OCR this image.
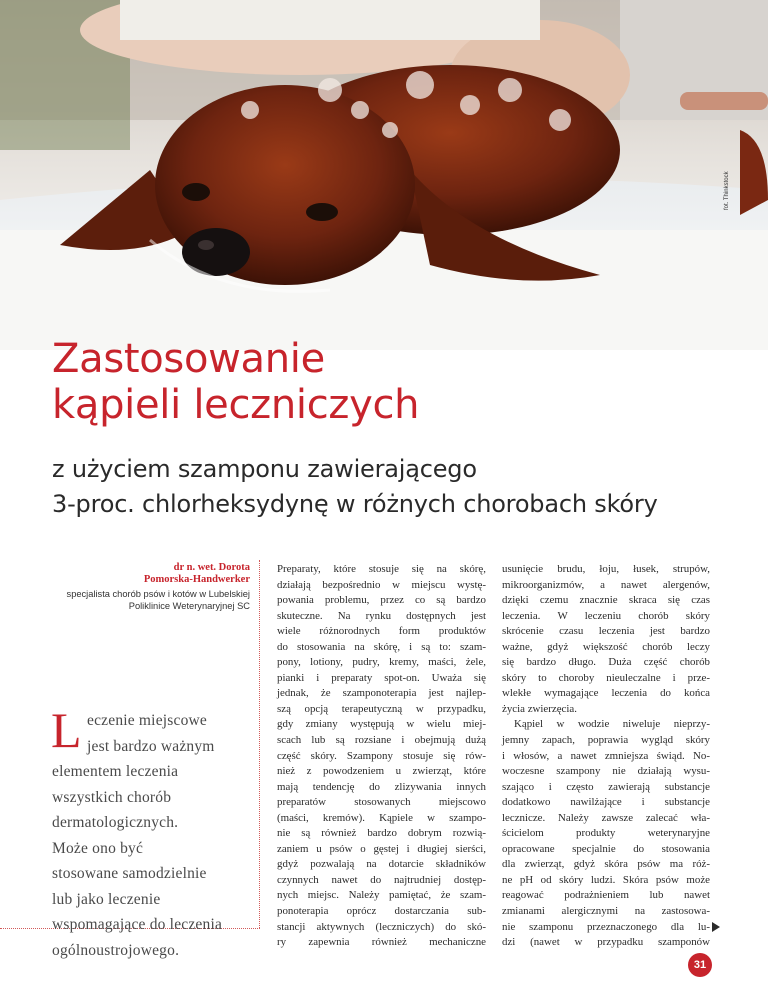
fot. Thinkstock
Zastosowanie
kąpieli leczniczych
z użyciem szamponu zawierającego
3-proc. chlorheksydynę w różnych chorobach skóry
dr n. wet. Dorota
Pomorska-Handwerker
specjalista chorób psów i kotów w Lubelskiej
Poliklinice Weterynaryjnej SC
L eczenie miejscowe
jest bardzo ważnym
elementem leczenia
wszystkich chorób
dermatologicznych.
Może ono być
stosowane samodzielnie
lub jako leczenie
wspomagające do leczenia
ogólnoustrojowego.
Preparaty, które stosuje się na skórę,
działają bezpośrednio w miejscu wystę-
powania problemu, przez co są bardzo
skuteczne. Na rynku dostępnych jest
wiele różnorodnych form produktów
do stosowania na skórę, i są to: szam-
pony, lotiony, pudry, kremy, maści, żele,
pianki i preparaty spot-on. Uważa się
jednak, że szamponoterapia jest najlep-
szą opcją terapeutyczną w przypadku,
gdy zmiany występują w wielu miej-
scach lub są rozsiane i obejmują dużą
część skóry. Szampony stosuje się rów-
nież z powodzeniem u zwierząt, które
mają tendencję do zlizywania innych
preparatów stosowanych miejscowo
(maści, kremów). Kąpiele w szampo-
nie są również bardzo dobrym rozwią-
zaniem u psów o gęstej i długiej sierści,
gdyż pozwalają na dotarcie składników
czynnych nawet do najtrudniej dostęp-
nych miejsc. Należy pamiętać, że szam-
ponoterapia oprócz dostarczania sub-
stancji aktywnych (leczniczych) do skó-
ry zapewnia również mechaniczne
usunięcie brudu, łoju, łusek, strupów,
mikroorganizmów, a nawet alergenów,
dzięki czemu znacznie skraca się czas
leczenia. W leczeniu chorób skóry
skrócenie czasu leczenia jest bardzo
ważne, gdyż większość chorób leczy
się bardzo długo. Duża część chorób
skóry to choroby nieuleczalne i prze-
wlekłe wymagające leczenia do końca
życia zwierzęcia.
Kąpiel w wodzie niweluje nieprzy-
jemny zapach, poprawia wygląd skóry
i włosów, a nawet zmniejsza świąd. No-
woczesne szampony nie działają wysu-
szająco i często zawierają substancje
dodatkowo nawilżające i substancje
lecznicze. Należy zawsze zalecać wła-
ścicielom produkty weterynaryjne
opracowane specjalnie do stosowania
dla zwierząt, gdyż skóra psów ma róż-
ne pH od skóry ludzi. Skóra psów może
reagować podrażnieniem lub nawet
zmianami alergicznymi na zastosowa-
nie szamponu przeznaczonego dla lu-
dzi (nawet w przypadku szamponów
31
